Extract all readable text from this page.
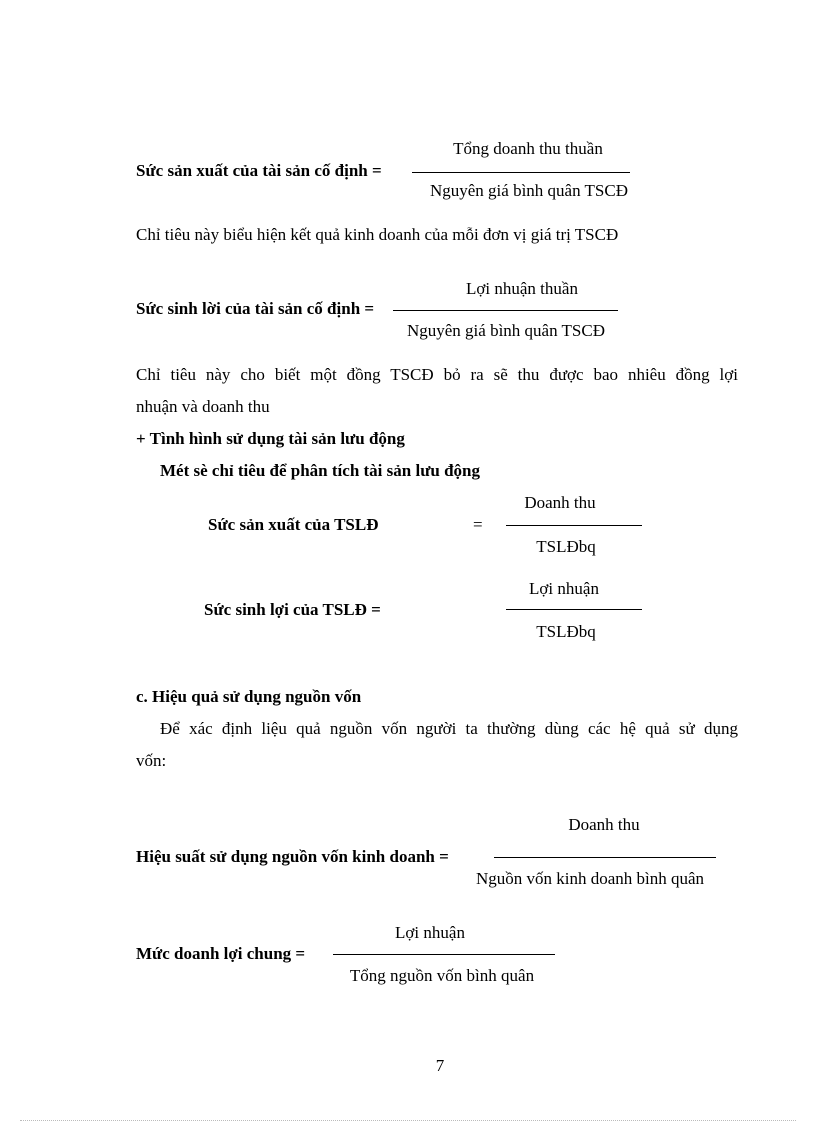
Tổng doanh thu thuần
Sức sản xuất của tài sản cố định =
Nguyên giá bình quân TSCĐ
Chỉ tiêu này biểu hiện kết quả kinh doanh của mỗi đơn vị giá trị TSCĐ
Lợi nhuận thuần
Sức sinh lời của tài sản cố định =
Nguyên giá bình quân TSCĐ
Chỉ tiêu này cho biết một đồng TSCĐ bỏ ra sẽ thu được bao nhiêu đồng lợi
nhuận và doanh thu
+ Tình hình sử dụng tài sản lưu động
Mét sè chỉ tiêu để phân tích tài sản lưu động
Doanh thu
Sức sản xuất của TSLĐ	=
TSLĐbq
Lợi nhuận
Sức sinh lợi của TSLĐ =
TSLĐbq
c. Hiệu quả sử dụng nguồn vốn
Để xác định liệu quả nguồn vốn người ta thường dùng các hệ quả sử dụng
vốn:
Doanh thu
Hiệu suất sử dụng nguồn vốn kinh doanh =
Nguồn vốn kinh doanh bình quân
Lợi nhuận
Mức doanh lợi chung =
Tổng nguồn vốn bình quân
7
